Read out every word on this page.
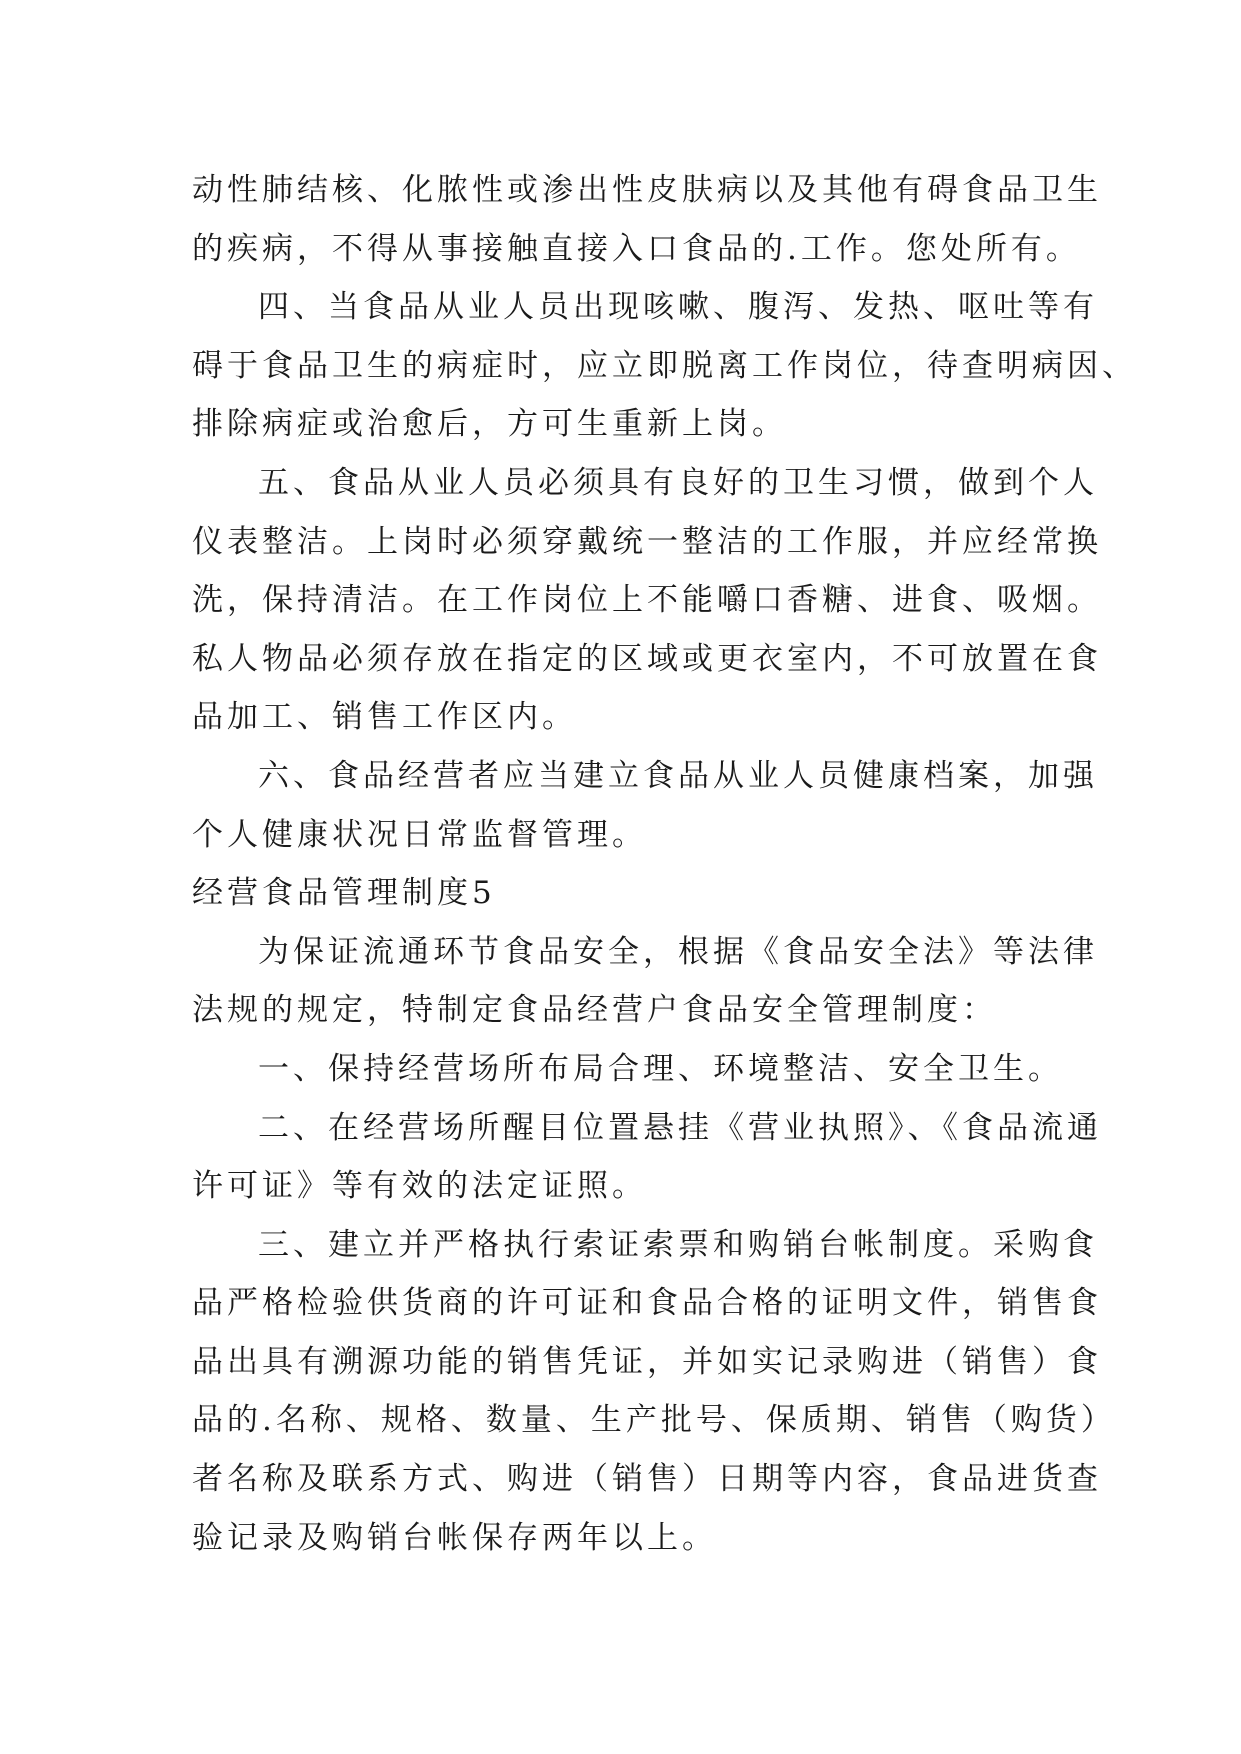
动性肺结核、化脓性或渗出性皮肤病以及其他有碍食品卫生
的疾病，不得从事接触直接入口食品的.工作。您处所有。
四、当食品从业人员出现咳嗽、腹泻、发热、呕吐等有
碍于食品卫生的病症时，应立即脱离工作岗位，待查明病因、
排除病症或治愈后，方可生重新上岗。
五、食品从业人员必须具有良好的卫生习惯，做到个人
仪表整洁。上岗时必须穿戴统一整洁的工作服，并应经常换
洗，保持清洁。在工作岗位上不能嚼口香糖、进食、吸烟。
私人物品必须存放在指定的区域或更衣室内，不可放置在食
品加工、销售工作区内。
六、食品经营者应当建立食品从业人员健康档案，加强
个人健康状况日常监督管理。
经营食品管理制度5
为保证流通环节食品安全，根据《食品安全法》等法律
法规的规定，特制定食品经营户食品安全管理制度：
一、保持经营场所布局合理、环境整洁、安全卫生。
二、在经营场所醒目位置悬挂《营业执照》、《食品流通
许可证》等有效的法定证照。
三、建立并严格执行索证索票和购销台帐制度。采购食
品严格检验供货商的许可证和食品合格的证明文件，销售食
品出具有溯源功能的销售凭证，并如实记录购进（销售）食
品的.名称、规格、数量、生产批号、保质期、销售（购货）
者名称及联系方式、购进（销售）日期等内容，食品进货查
验记录及购销台帐保存两年以上。
